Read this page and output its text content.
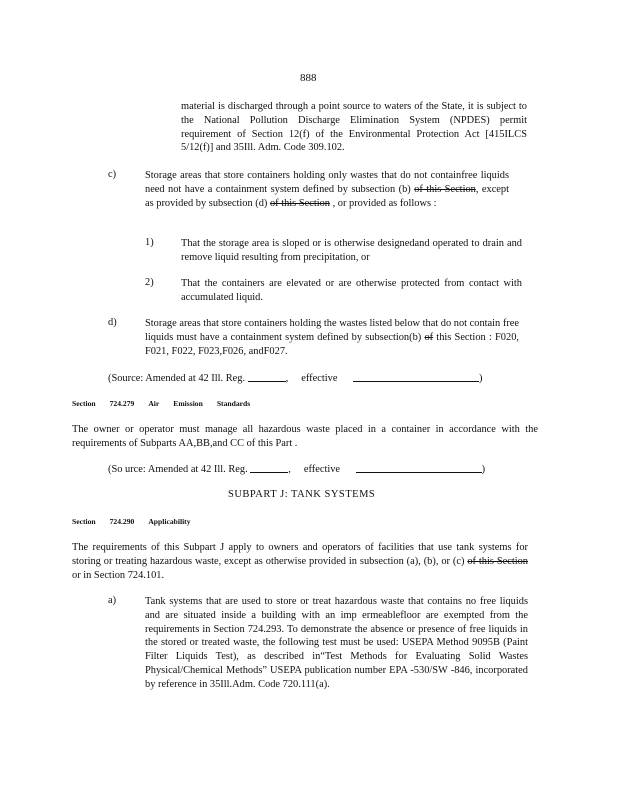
888
material is discharged through a point source to waters of the State, it is subject to the National Pollution Discharge Elimination System (NPDES) permit requirement of Section 12(f) of the Environmental Protection Act [415ILCS 5/12(f)] and 35Ill. Adm. Code 309.102.
c)	Storage areas that store containers holding only wastes that do not containfree liquids need not have a containment system defined by subsection (b) of this Section, except as provided by subsection (d) of this Section , or provided as follows :
1)	That the storage area is sloped or is otherwise designedand operated to drain and remove liquid resulting from precipitation, or
2)	That the containers are elevated or are otherwise protected from contact with accumulated liquid.
d)	Storage areas that store containers holding the wastes listed below that do not contain free liquids must have a containment system defined by subsection(b) of this Section : F020, F021, F022, F023,F026, andF027.
(Source: Amended at 42 Ill. Reg.	, effective	)
Section 724.279 Air Emission Standards
The owner or operator must manage all hazardous waste placed in a container in accordance with the requirements of Subparts AA,BB,and CC of this Part .
(So urce: Amended at 42 Ill. Reg.	, effective	)
SUBPART J: TANK SYSTEMS
Section 724.290 Applicability
The requirements of this Subpart J apply to owners and operators of facilities that use tank systems for storing or treating hazardous waste, except as otherwise provided in subsection (a), (b), or (c) of this Section or in Section 724.101.
a)	Tank systems that are used to store or treat hazardous waste that contains no free liquids and are situated inside a building with an imp ermeablefloor are exempted from the requirements in Section 724.293. To demonstrate the absence or presence of free liquids in the stored or treated waste, the following test must be used: USEPA Method 9095B (Paint Filter Liquids Test), as described in“Test Methods for Evaluating Solid Wastes Physical/Chemical Methods” USEPA publication number EPA -530/SW -846, incorporated by reference in 35Ill.Adm. Code 720.111(a).
